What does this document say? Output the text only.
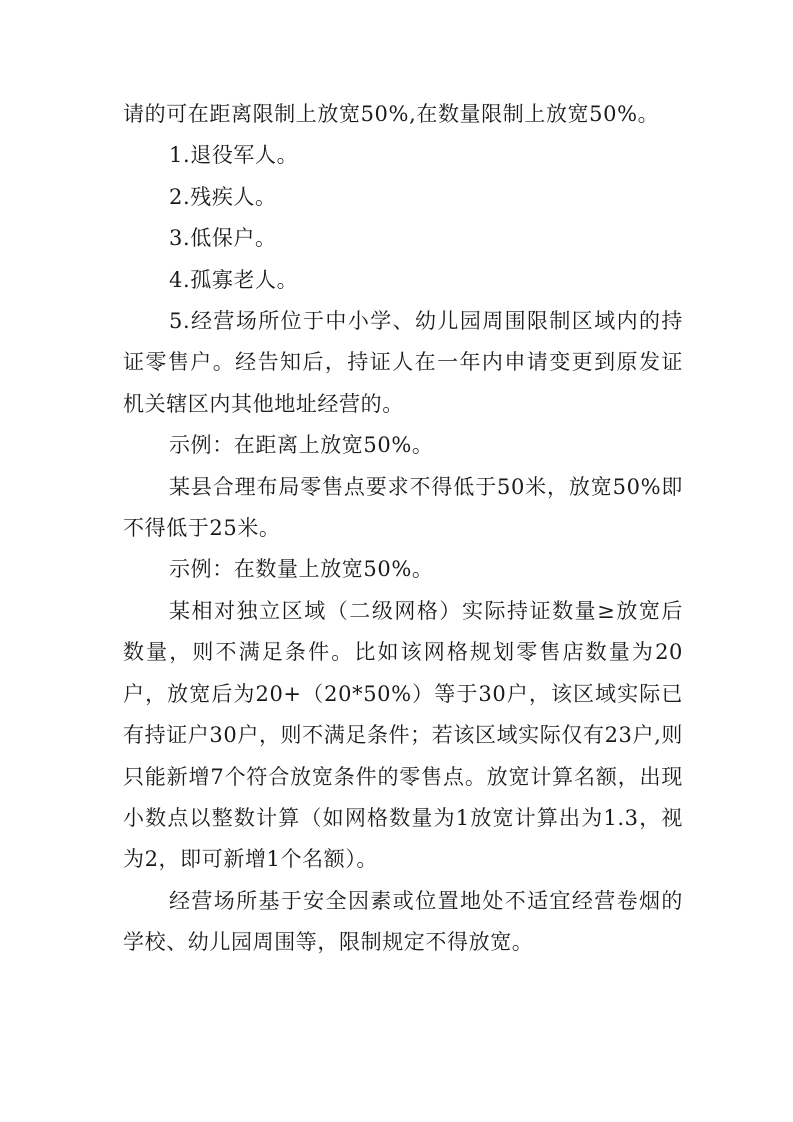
请的可在距离限制上放宽50%,在数量限制上放宽50%。

1.退役军人。

2.残疾人。

3.低保户。

4.孤寡老人。

5.经营场所位于中小学、幼儿园周围限制区域内的持证零售户。经告知后，持证人在一年内申请变更到原发证机关辖区内其他地址经营的。

示例：在距离上放宽50%。

某县合理布局零售点要求不得低于50米，放宽50%即不得低于25米。

示例：在数量上放宽50%。

某相对独立区域（二级网格）实际持证数量≥放宽后数量，则不满足条件。比如该网格规划零售店数量为20户，放宽后为20+（20*50%）等于30户，该区域实际已有持证户30户，则不满足条件；若该区域实际仅有23户,则只能新增7个符合放宽条件的零售点。放宽计算名额，出现小数点以整数计算（如网格数量为1放宽计算出为1.3，视为2，即可新增1个名额）。

经营场所基于安全因素或位置地处不适宜经营卷烟的学校、幼儿园周围等，限制规定不得放宽。
